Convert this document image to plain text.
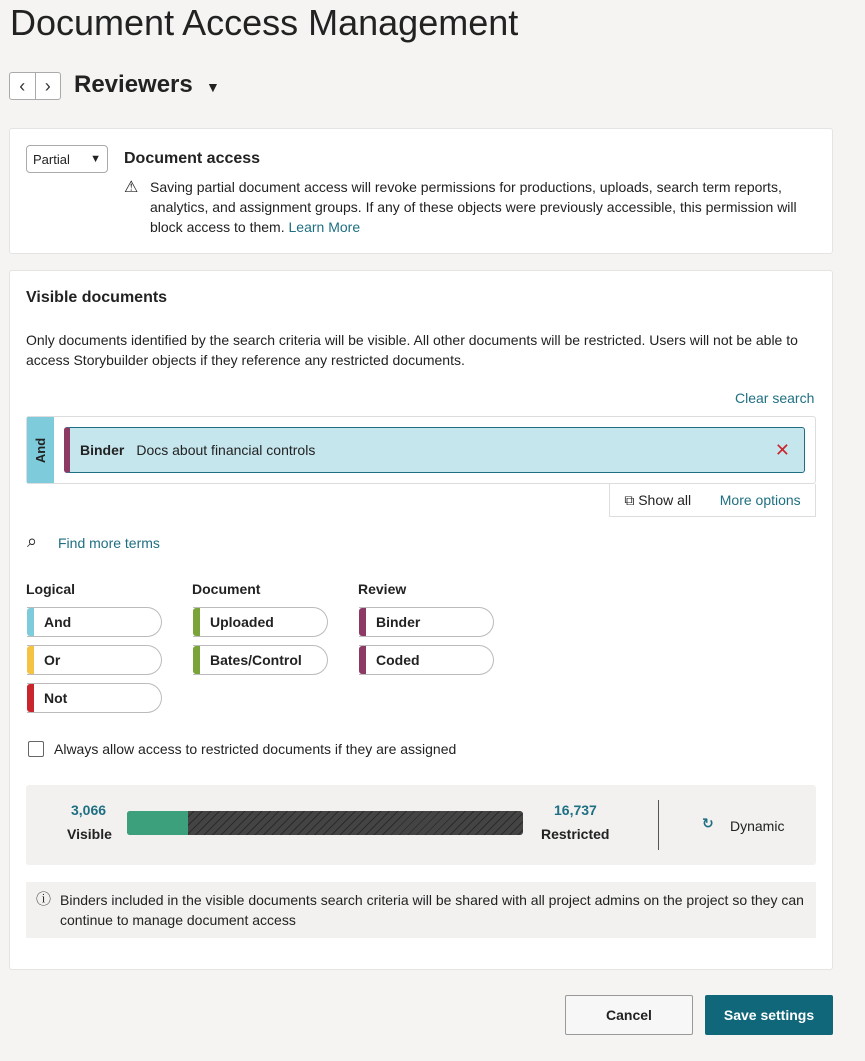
Document Access Management
‹	› Reviewers ▼
Partial ▼ Document access
⚠ Saving partial document access will revoke permissions for productions, uploads, search term reports, analytics, and assignment groups. If any of these objects were previously accessible, this permission will block access to them. Learn More
Visible documents
Only documents identified by the search criteria will be visible. All other documents will be restricted. Users will not be able to access Storybuilder objects if they reference any restricted documents.
Clear search
And Binder Docs about financial controls	✕
⧉ Show all More options
⌕ Find more terms
Logical
And
Or
Not
Document
Uploaded
Bates/Control
Review
Binder
Coded
Always allow access to restricted documents if they are assigned
3,066
Visible
16,737
Restricted
↻ Dynamic
ⓘ Binders included in the visible documents search criteria will be shared with all project admins on the project so they can continue to manage document access
Cancel	Save settings
